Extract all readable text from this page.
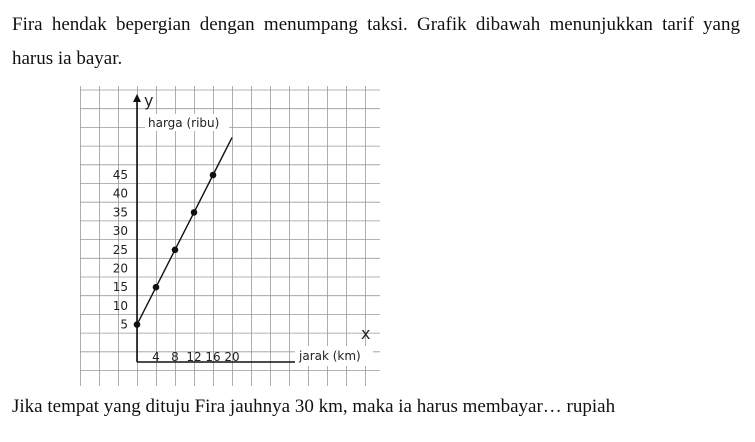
Fira hendak bepergian dengan menumpang taksi. Grafik dibawah menunjukkan tarif yang harus ia bayar.

y
x
harga (ribu)
jarak (km)
5
10
15
20
25
30
35
40
45
4 8 12 16 20

Jika tempat yang dituju Fira jauhnya 30 km, maka ia harus membayar… rupiah
